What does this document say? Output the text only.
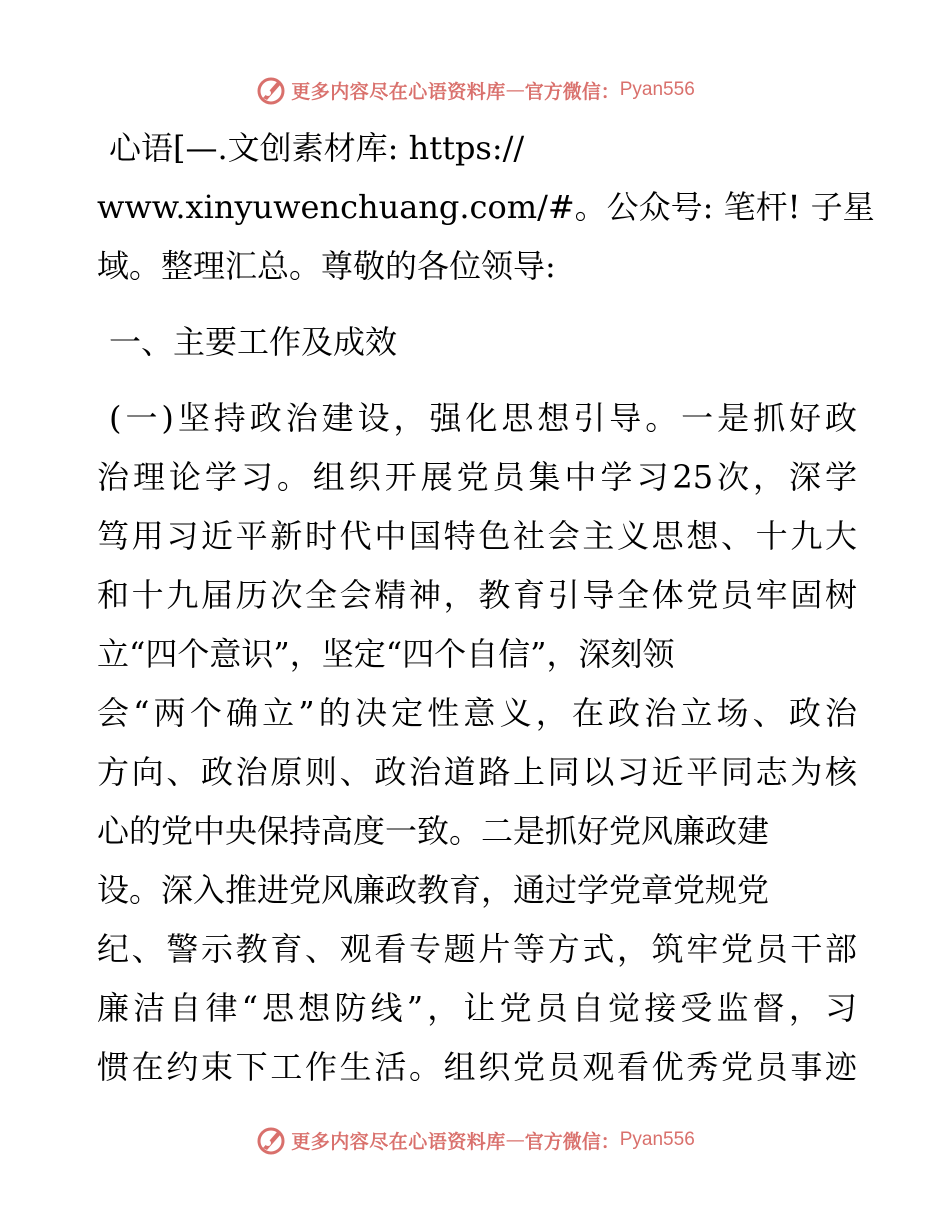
更多内容尽在心语资料库 — 官方微信： Pyan556
心语[—.文创素材库: https://
www.xinyuwenchuang.com/#。公众号: 笔杆! 子星
域。整理汇总。尊敬的各位领导:
一、主要工作及成效
(一)坚持政治建设，强化思想引导。一是抓好政
治理论学习。组织开展党员集中学习25次，深学
笃用习近平新时代中国特色社会主义思想、十九大
和十九届历次全会精神，教育引导全体党员牢固树
立“四个意识”，坚定“四个自信”，深刻领
会“两个确立”的决定性意义，在政治立场、政治
方向、政治原则、政治道路上同以习近平同志为核
心的党中央保持高度一致。二是抓好党风廉政建
设。深入推进党风廉政教育，通过学党章党规党
纪、警示教育、观看专题片等方式，筑牢党员干部
廉洁自律“思想防线”，让党员自觉接受监督，习
惯在约束下工作生活。组织党员观看优秀党员事迹
更多内容尽在心语资料库 — 官方微信： Pyan556
